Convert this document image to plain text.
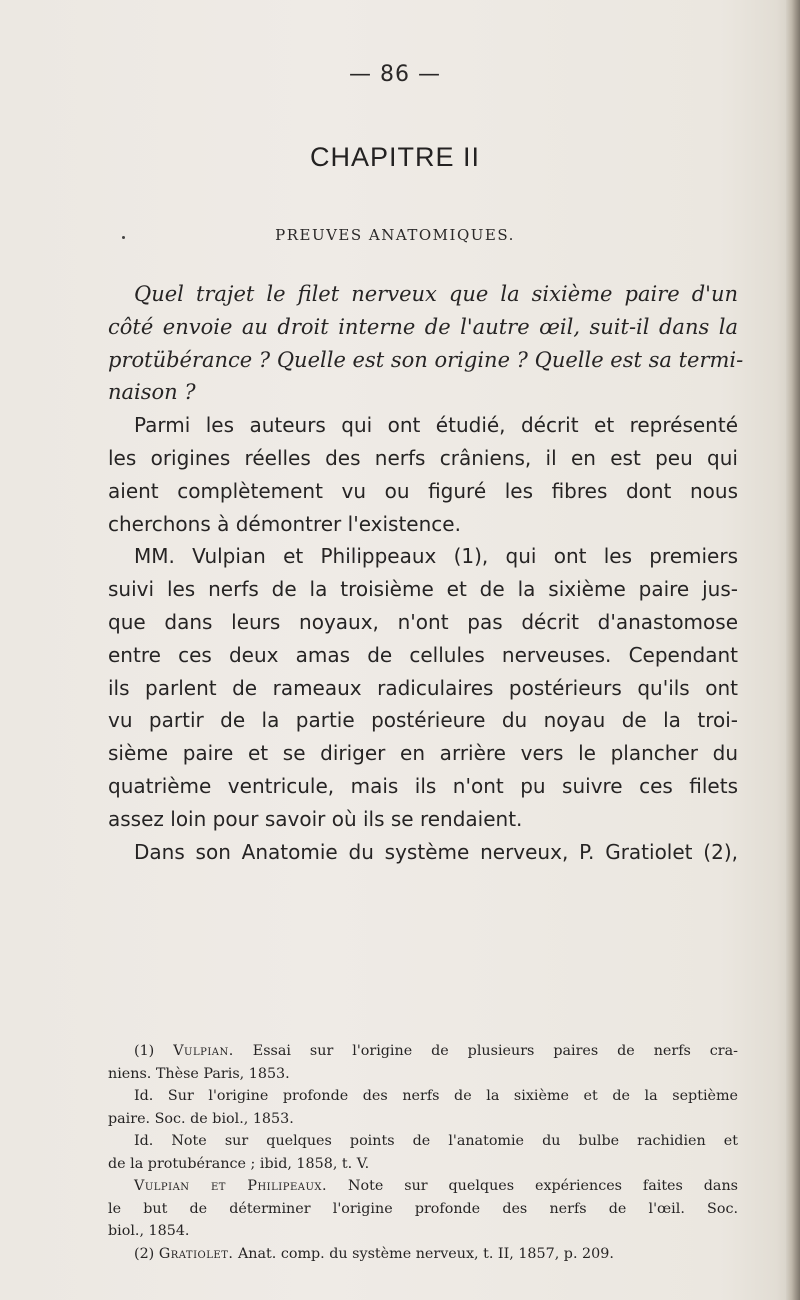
— 86 —
CHAPITRE II
PREUVES ANATOMIQUES.
Quel trajet le filet nerveux que la sixième paire d'un
côté envoie au droit interne de l'autre œil, suit-il dans la
protübérance ? Quelle est son origine ? Quelle est sa termi-
naison ?
Parmi les auteurs qui ont étudié, décrit et représenté
les origines réelles des nerfs crâniens, il en est peu qui
aient complètement vu ou figuré les fibres dont nous
cherchons à démontrer l'existence.
MM. Vulpian et Philippeaux (1), qui ont les premiers
suivi les nerfs de la troisième et de la sixième paire jus-
que dans leurs noyaux, n'ont pas décrit d'anastomose
entre ces deux amas de cellules nerveuses. Cependant
ils parlent de rameaux radiculaires postérieurs qu'ils ont
vu partir de la partie postérieure du noyau de la troi-
sième paire et se diriger en arrière vers le plancher du
quatrième ventricule, mais ils n'ont pu suivre ces filets
assez loin pour savoir où ils se rendaient.
Dans son Anatomie du système nerveux, P. Gratiolet (2),
(1) Vulpian. Essai sur l'origine de plusieurs paires de nerfs cra-
niens. Thèse Paris, 1853.
Id. Sur l'origine profonde des nerfs de la sixième et de la septième
paire. Soc. de biol., 1853.
Id. Note sur quelques points de l'anatomie du bulbe rachidien et
de la protubérance ; ibid, 1858, t. V.
Vulpian et Philipeaux. Note sur quelques expériences faites dans
le but de déterminer l'origine profonde des nerfs de l'œil. Soc.
biol., 1854.
(2) Gratiolet. Anat. comp. du système nerveux, t. II, 1857, p. 209.
